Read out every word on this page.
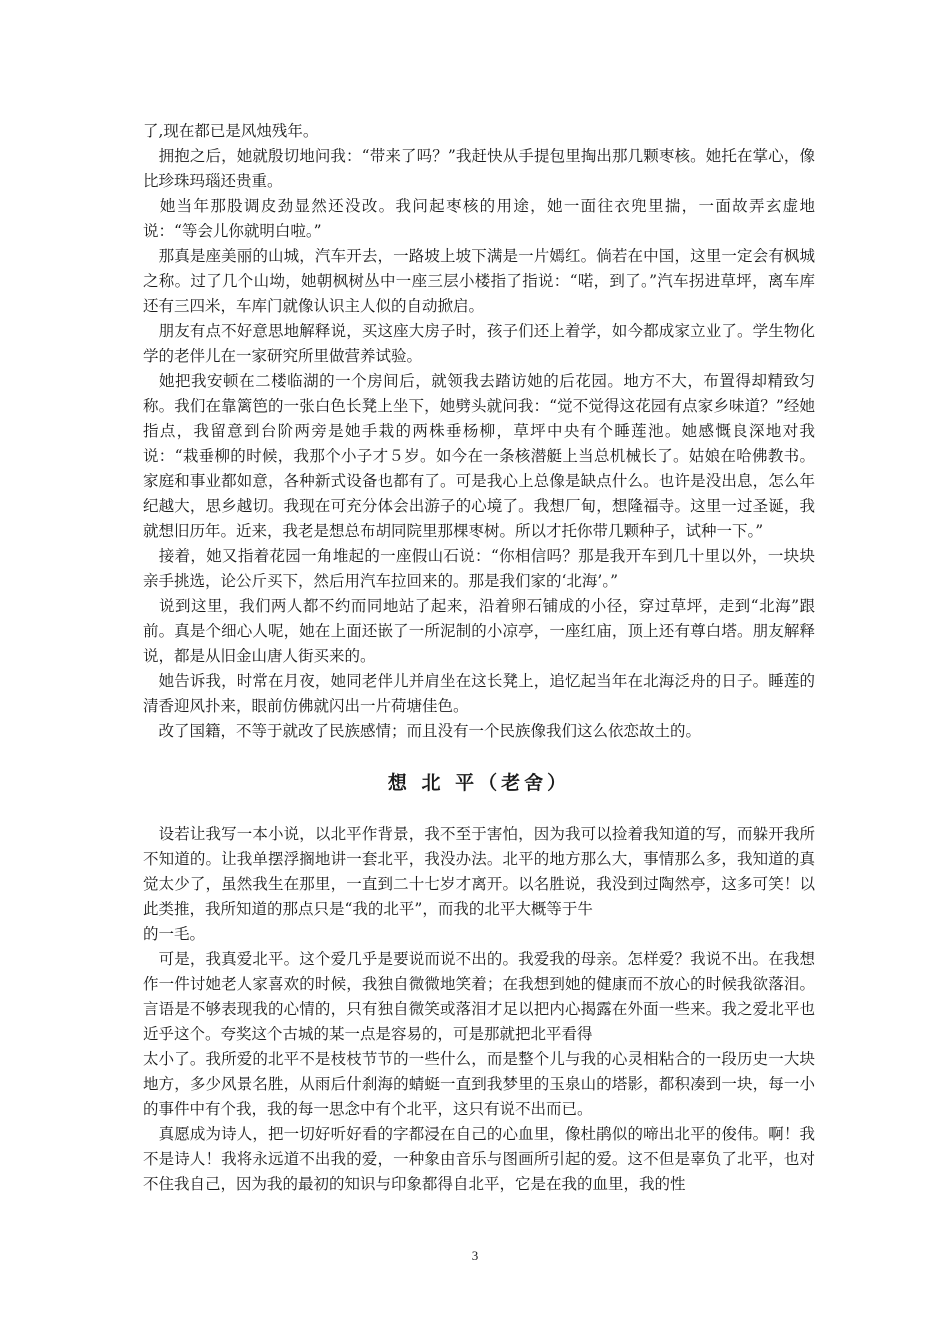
了,现在都已是风烛残年。

　拥抱之后，她就殷切地问我：“带来了吗？”我赶快从手提包里掏出那几颗枣核。她托在掌心，像比珍珠玛瑙还贵重。

　她当年那股调皮劲显然还没改。我问起枣核的用途，她一面往衣兜里揣，一面故弄玄虚地说：“等会儿你就明白啦。”

　那真是座美丽的山城，汽车开去，一路坡上坡下满是一片嫣红。倘若在中国，这里一定会有枫城之称。过了几个山坳，她朝枫树丛中一座三层小楼指了指说：“喏，到了。”汽车拐进草坪，离车库还有三四米，车库门就像认识主人似的自动掀启。

　朋友有点不好意思地解释说，买这座大房子时，孩子们还上着学，如今都成家立业了。学生物化学的老伴儿在一家研究所里做营养试验。

　她把我安顿在二楼临湖的一个房间后，就领我去踏访她的后花园。地方不大，布置得却精致匀称。我们在靠篱笆的一张白色长凳上坐下，她劈头就问我：“觉不觉得这花园有点家乡味道？”经她指点，我留意到台阶两旁是她手栽的两株垂杨柳，草坪中央有个睡莲池。她感慨良深地对我说：“栽垂柳的时候，我那个小子才５岁。如今在一条核潜艇上当总机械长了。姑娘在哈佛教书。家庭和事业都如意，各种新式设备也都有了。可是我心上总像是缺点什么。也许是没出息，怎么年纪越大，思乡越切。我现在可充分体会出游子的心境了。我想厂甸，想隆福寺。这里一过圣诞，我就想旧历年。近来，我老是想总布胡同院里那棵枣树。所以才托你带几颗种子，试种一下。”

　接着，她又指着花园一角堆起的一座假山石说：“你相信吗？那是我开车到几十里以外，一块块亲手挑选，论公斤买下，然后用汽车拉回来的。那是我们家的‘北海’。”

　说到这里，我们两人都不约而同地站了起来，沿着卵石铺成的小径，穿过草坪，走到“北海”跟前。真是个细心人呢，她在上面还嵌了一所泥制的小凉亭，一座红庙，顶上还有尊白塔。朋友解释说，都是从旧金山唐人街买来的。

　她告诉我，时常在月夜，她同老伴儿并肩坐在这长凳上，追忆起当年在北海泛舟的日子。睡莲的清香迎风扑来，眼前仿佛就闪出一片荷塘佳色。

　改了国籍，不等于就改了民族感情；而且没有一个民族像我们这么依恋故土的。

想 北 平（老舍）

　设若让我写一本小说，以北平作背景，我不至于害怕，因为我可以捡着我知道的写，而躲开我所不知道的。让我单摆浮搁地讲一套北平，我没办法。北平的地方那么大，事情那么多，我知道的真觉太少了，虽然我生在那里，一直到二十七岁才离开。以名胜说，我没到过陶然亭，这多可笑！以此类推，我所知道的那点只是“我的北平”，而我的北平大概等于牛
的一毛。

　可是，我真爱北平。这个爱几乎是要说而说不出的。我爱我的母亲。怎样爱？我说不出。在我想作一件讨她老人家喜欢的时候，我独自微微地笑着；在我想到她的健康而不放心的时候我欲落泪。言语是不够表现我的心情的，只有独自微笑或落泪才足以把内心揭露在外面一些来。我之爱北平也近乎这个。夸奖这个古城的某一点是容易的，可是那就把北平看得
太小了。我所爱的北平不是枝枝节节的一些什么，而是整个儿与我的心灵相粘合的一段历史一大块地方，多少风景名胜，从雨后什刹海的蜻蜓一直到我梦里的玉泉山的塔影，都积凑到一块，每一小的事件中有个我，我的每一思念中有个北平，这只有说不出而已。

　真愿成为诗人，把一切好听好看的字都浸在自己的心血里，像杜鹃似的啼出北平的俊伟。啊！我不是诗人！我将永远道不出我的爱，一种象由音乐与图画所引起的爱。这不但是辜负了北平，也对不住我自己，因为我的最初的知识与印象都得自北平，它是在我的血里，我的性

3
